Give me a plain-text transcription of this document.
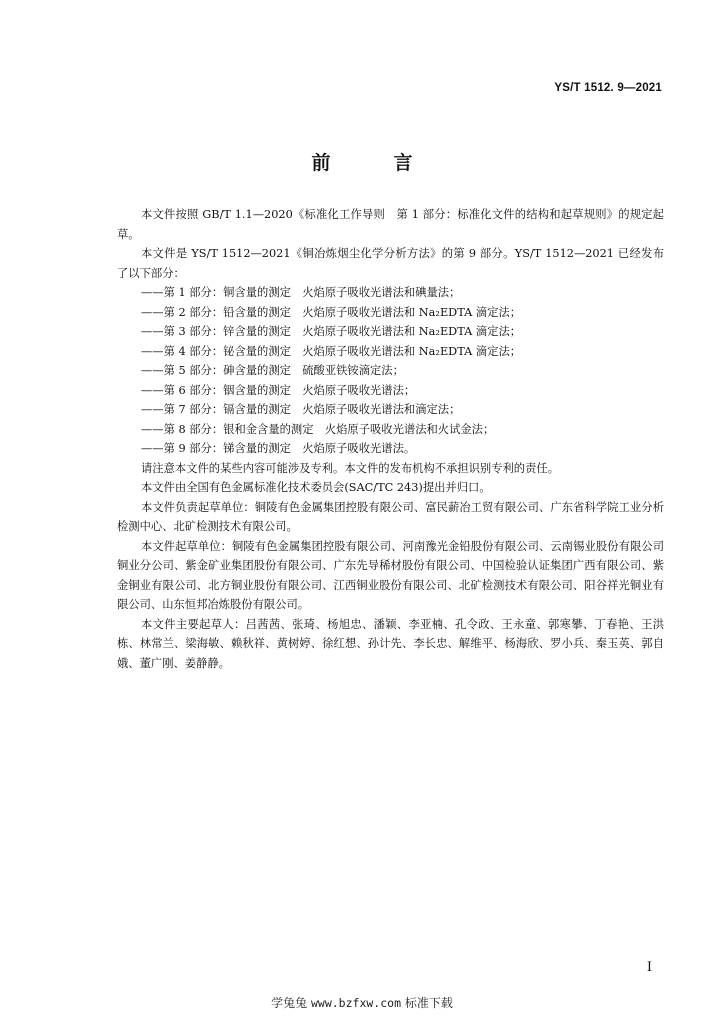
YS/T 1512. 9—2021
前　言

本文件按照 GB/T 1.1—2020《标准化工作导则　第 1 部分：标准化文件的结构和起草规则》的规定起草。

本文件是 YS/T 1512—2021《铜冶炼烟尘化学分析方法》的第 9 部分。YS/T 1512—2021 已经发布了以下部分：

——第 1 部分：铜含量的测定　火焰原子吸收光谱法和碘量法；

——第 2 部分：铅含量的测定　火焰原子吸收光谱法和 Na₂EDTA 滴定法；

——第 3 部分：锌含量的测定　火焰原子吸收光谱法和 Na₂EDTA 滴定法；

——第 4 部分：铋含量的测定　火焰原子吸收光谱法和 Na₂EDTA 滴定法；

——第 5 部分：砷含量的测定　硫酸亚铁铵滴定法；

——第 6 部分：铟含量的测定　火焰原子吸收光谱法；

——第 7 部分：镉含量的测定　火焰原子吸收光谱法和滴定法；

——第 8 部分：银和金含量的测定　火焰原子吸收光谱法和火试金法；

——第 9 部分：锑含量的测定　火焰原子吸收光谱法。

请注意本文件的某些内容可能涉及专利。本文件的发布机构不承担识别专利的责任。

本文件由全国有色金属标准化技术委员会(SAC/TC 243)提出并归口。

本文件负责起草单位：铜陵有色金属集团控股有限公司、富民薪冶工贸有限公司、广东省科学院工业分析检测中心、北矿检测技术有限公司。

本文件起草单位：铜陵有色金属集团控股有限公司、河南豫光金铅股份有限公司、云南锡业股份有限公司铜业分公司、紫金矿业集团股份有限公司、广东先导稀材股份有限公司、中国检验认证集团广西有限公司、紫金铜业有限公司、北方铜业股份有限公司、江西铜业股份有限公司、北矿检测技术有限公司、阳谷祥光铜业有限公司、山东恒邦冶炼股份有限公司。

本文件主要起草人：吕茜茜、张琦、杨旭忠、潘颖、李亚楠、孔令政、王永童、郭寒攀、丁春艳、王洪栋、林常兰、梁海敏、赖秋祥、黄树婷、徐红想、孙计先、李长忠、解维平、杨海欣、罗小兵、秦玉英、郭自娥、董广刚、姜静静。

I
学兔兔 www.bzfxw.com 标准下载
